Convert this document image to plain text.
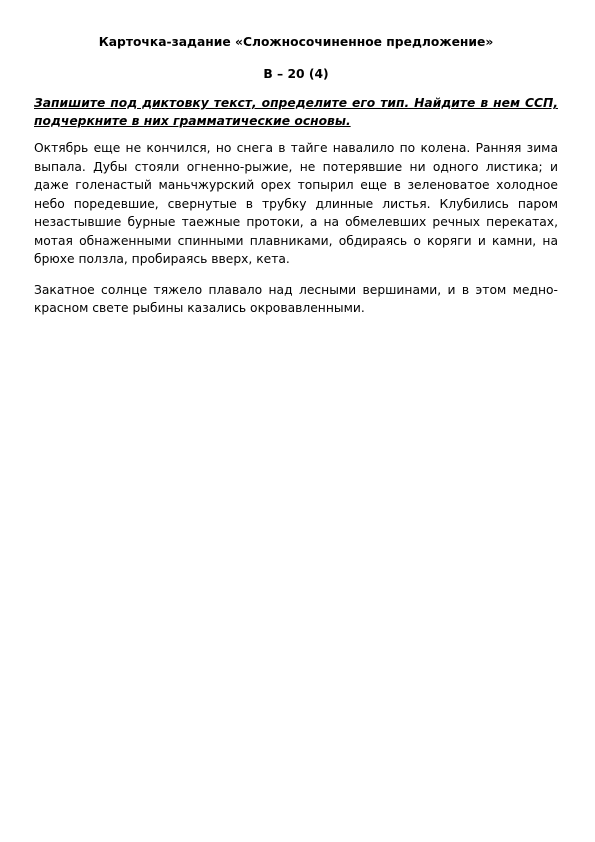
Карточка-задание «Сложносочиненное предложение»
В – 20 (4)
Запишите под диктовку текст, определите его тип. Найдите в нем ССП, подчеркните в них грамматические основы.
Октябрь еще не кончился, но снега в тайге навалило по колена. Ранняя зима выпала. Дубы стояли огненно-рыжие, не потерявшие ни одного листика; и даже голенастый маньчжурский орех топырил еще в зеленоватое холодное небо поредевшие, свернутые в трубку длинные листья. Клубились паром незастывшие бурные таежные протоки, а на обмелевших речных перекатах, мотая обнаженными спинными плавниками, обдираясь о коряги и камни, на брюхе ползла, пробираясь вверх, кета.
Закатное солнце тяжело плавало над лесными вершинами, и в этом медно-красном свете рыбины казались окровавленными.
